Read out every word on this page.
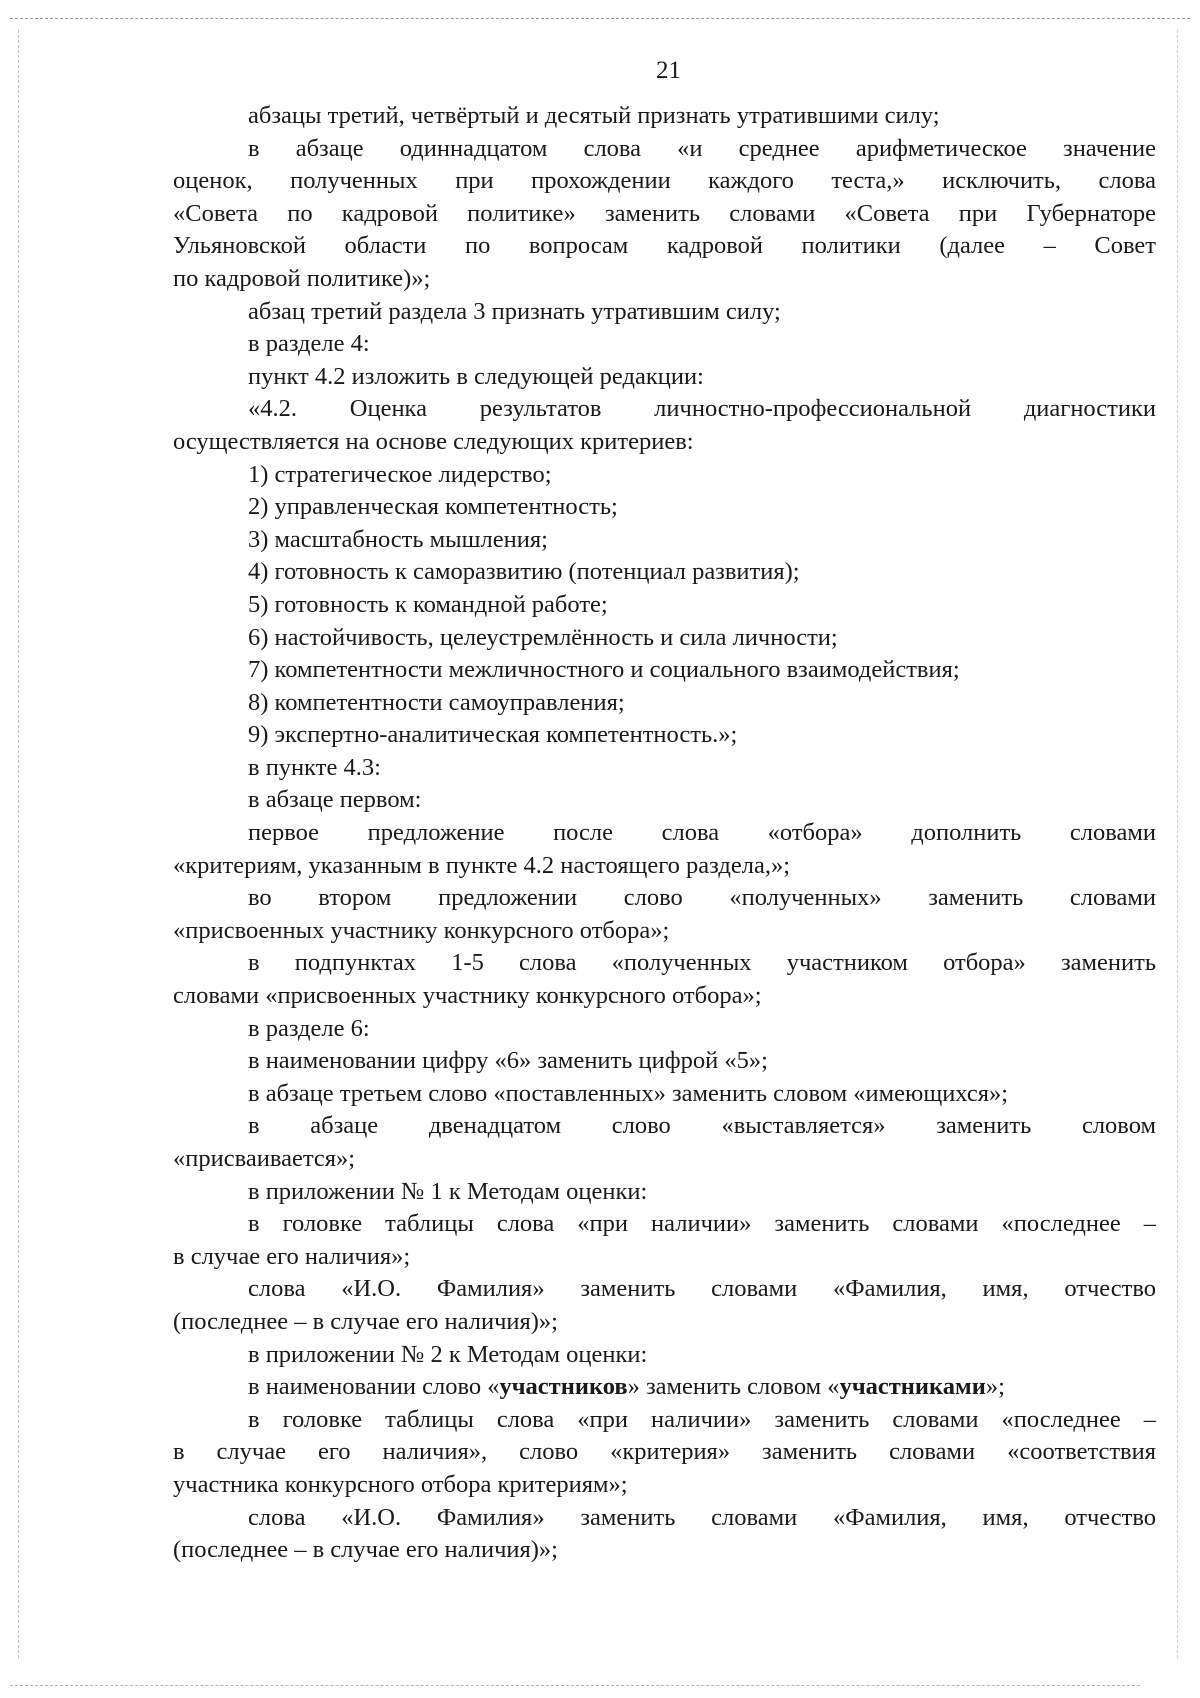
21

абзацы третий, четвёртый и десятый признать утратившими силу;

в абзаце одиннадцатом слова «и среднее арифметическое значение

оценок, полученных при прохождении каждого теста,» исключить, слова

«Совета по кадровой политике» заменить словами «Совета при Губернаторе

Ульяновской области по вопросам кадровой политики (далее – Совет

по кадровой политике)»;

абзац третий раздела 3 признать утратившим силу;

в разделе 4:

пункт 4.2 изложить в следующей редакции:

«4.2. Оценка результатов личностно-профессиональной диагностики

осуществляется на основе следующих критериев:

1) стратегическое лидерство;

2) управленческая компетентность;

3) масштабность мышления;

4) готовность к саморазвитию (потенциал развития);

5) готовность к командной работе;

6) настойчивость, целеустремлённость и сила личности;

7) компетентности межличностного и социального взаимодействия;

8) компетентности самоуправления;

9) экспертно-аналитическая компетентность.»;

в пункте 4.3:

в абзаце первом:

первое предложение после слова «отбора» дополнить словами

«критериям, указанным в пункте 4.2 настоящего раздела,»;

во втором предложении слово «полученных» заменить словами

«присвоенных участнику конкурсного отбора»;

в подпунктах 1-5 слова «полученных участником отбора» заменить

словами «присвоенных участнику конкурсного отбора»;

в разделе 6:

в наименовании цифру «6» заменить цифрой «5»;

в абзаце третьем слово «поставленных» заменить словом «имеющихся»;

в абзаце двенадцатом слово «выставляется» заменить словом

«присваивается»;

в приложении № 1 к Методам оценки:

в головке таблицы слова «при наличии» заменить словами «последнее –

в случае его наличия»;

слова «И.О. Фамилия» заменить словами «Фамилия, имя, отчество

(последнее – в случае его наличия)»;

в приложении № 2 к Методам оценки:

в наименовании слово «участников» заменить словом «участниками»;

в головке таблицы слова «при наличии» заменить словами «последнее –

в случае его наличия», слово «критерия» заменить словами «соответствия

участника конкурсного отбора критериям»;

слова «И.О. Фамилия» заменить словами «Фамилия, имя, отчество

(последнее – в случае его наличия)»;
